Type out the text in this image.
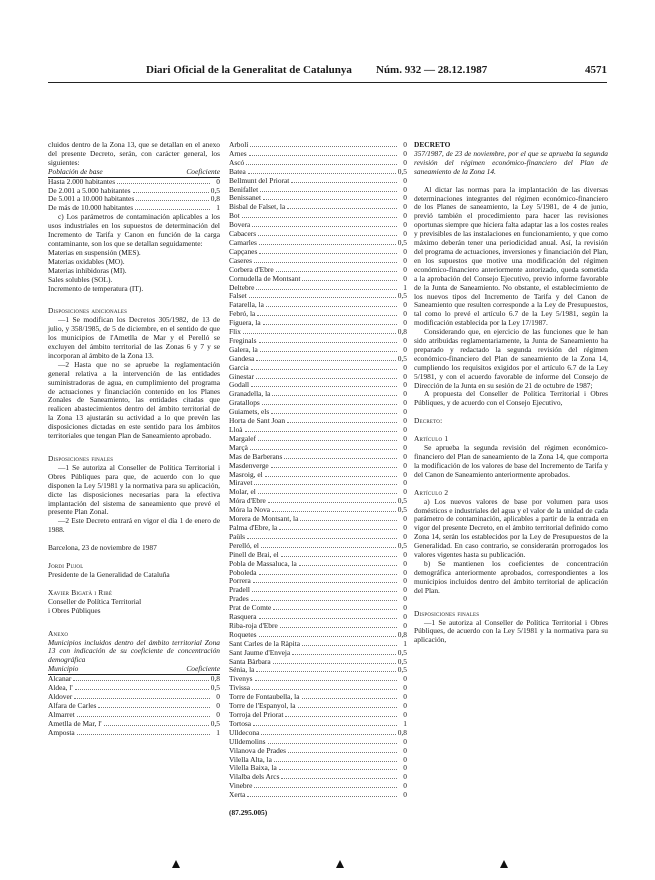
Diari Oficial de la Generalitat de Catalunya Núm. 932 — 28.12.1987	4571

cluidos dentro de la Zona 13, que se detallan en el anexo del presente Decreto, serán, con carácter general, los siguientes:

Población de base	Coeficiente
Hasta 2.000 habitantes	0
De 2.001 a 5.000 habitantes	0,5
De 5.001 a 10.000 habitantes	0,8
De más de 10.000 habitantes	1

c) Los parámetros de contaminación aplicables a los usos industriales en los supuestos de determinación del Incremento de Tarifa y Canon en función de la carga contaminante, son los que se detallan seguidamente:

Materias en suspensión (MES).
Materias oxidables (MO).
Materias inhibidoras (MI).
Sales solubles (SOL).
Incremento de temperatura (IT).
Disposiciones adicionales

—1 Se modifican los Decretos 305/1982, de 13 de julio, y 358/1985, de 5 de diciembre, en el sentido de que los municipios de l'Ametlla de Mar y el Perelló se excluyen del ámbito territorial de las Zonas 6 y 7 y se incorporan al ámbito de la Zona 13.

—2 Hasta que no se apruebe la reglamentación general relativa a la intervención de las entidades suministradoras de agua, en cumplimiento del programa de actuaciones y financiación contenido en los Planes Zonales de Saneamiento, las entidades citadas que realicen abastecimientos dentro del ámbito territorial de la Zona 13 ajustarán su actividad a lo que prevén las disposiciones dictadas en este sentido para los ámbitos territoriales que tengan Plan de Saneamiento aprobado.

Disposiciones finales

—1 Se autoriza al Conseller de Política Territorial i Obres Públiques para que, de acuerdo con lo que disponen la Ley 5/1981 y la normativa para su aplicación, dicte las disposiciones necesarias para la efectiva implantación del sistema de saneamiento que prevé el presente Plan Zonal.

—2 Este Decreto entrará en vigor el día 1 de enero de 1988.

Barcelona, 23 de noviembre de 1987

Jordi Pujol
Presidente de la Generalidad de Cataluña
Xavier Bigatà i Ribé
Conseller de Política Territorial
i Obres Públiques
Anexo

Municipios incluidos dentro del ámbito territorial Zona 13 con indicación de su coeficiente de concentración demográfica

Municipio	Coeficiente
Alcanar	0,8
Aldea, l'	0,5
Aldover	0
Alfara de Carles	0
Almarret	0
Ametlla de Mar, l'	0,5
Amposta	1
Arbolí	0
Arnes	0
Ascó	0
Batea	0,5
Bellmunt del Priorat	0
Benifallet	0
Benissanet	0
Bisbal de Falset, la	0
Bot	0
Bovera	0
Cabacers	0
Camarles	0,5
Capçanes	0
Caseres	0
Corbera d'Ebre	0
Cornudella de Montsant	0
Deltebre	1
Falset	0,5
Fatarella, la	0
Febró, la	0
Figuera, la	0
Flix	0,8
Freginals	0
Galera, la	0
Gandesa	0,5
Garcia	0
Ginestar	0
Godall	0
Granadella, la	0
Gratallops	0
Guiamets, els	0
Horta de Sant Joan	0
Lloà	0
Margalef	0
Marçà	0
Mas de Barberans	0
Masdenverge	0
Masroig, el	0
Miravet	0
Molar, el	0
Móra d'Ebre	0,5
Móra la Nova	0,5
Morera de Montsant, la	0
Palma d'Ebre, la	0
Paüls	0
Perelló, el	0,5
Pinell de Brai, el	0
Pobla de Massaluca, la	0
Poboleda	0
Porrera	0
Pradell	0
Prades	0
Prat de Comte	0
Rasquera	0
Riba-roja d'Ebre	0
Roquetes	0,8
Sant Carles de la Ràpita	1
Sant Jaume d'Enveja	0,5
Santa Bàrbara	0,5
Sénia, la	0,5
Tivenys	0
Tivissa	0
Torre de Fontaubella, la	0
Torre de l'Espanyol, la	0
Torroja del Priorat	0
Tortosa	1
Ulldecona	0,8
Ulldemolins	0
Vilanova de Prades	0
Vilella Alta, la	0
Vilella Baixa, la	0
Vilalba dels Arcs	0
Vinebre	0
Xerta	0
(87.295.005)
DECRETO

357/1987, de 23 de noviembre, por el que se aprueba la segunda revisión del régimen económico-financiero del Plan de saneamiento de la Zona 14.

Al dictar las normas para la implantación de las diversas determinaciones integrantes del régimen económico-financiero de los Planes de saneamiento, la Ley 5/1981, de 4 de junio, previó también el procedimiento para hacer las revisiones oportunas siempre que hiciera falta adaptar las a los costes reales y previsibles de las instalaciones en funcionamiento, y que como máximo deberán tener una periodicidad anual. Así, la revisión del programa de actuaciones, inversiones y financiación del Plan, en los supuestos que motive una modificación del régimen económico-financiero anteriormente autorizado, queda sometida a la aprobación del Consejo Ejecutivo, previo informe favorable de la Junta de Saneamiento. No obstante, el establecimiento de los nuevos tipos del Incremento de Tarifa y del Canon de Saneamiento que resulten corresponde a la Ley de Presupuestos, tal como lo prevé el artículo 6.7 de la Ley 5/1981, según la modificación establecida por la Ley 17/1987.

Considerando que, en ejercicio de las funciones que le han sido atribuidas reglamentariamente, la Junta de Saneamiento ha preparado y redactado la segunda revisión del régimen económico-financiero del Plan de saneamiento de la Zona 14, cumpliendo los requisitos exigidos por el artículo 6.7 de la Ley 5/1981, y con el acuerdo favorable de informe del Consejo de Dirección de la Junta en su sesión de 21 de octubre de 1987;

A propuesta del Conseller de Política Territorial i Obres Públiques, y de acuerdo con el Consejo Ejecutivo,

Decreto:
Artículo 1

Se aprueba la segunda revisión del régimen económico-financiero del Plan de saneamiento de la Zona 14, que comporta la modificación de los valores de base del Incremento de Tarifa y del Canon de Saneamiento anteriormente aprobados.

Artículo 2

a) Los nuevos valores de base por volumen para usos domésticos e industriales del agua y el valor de la unidad de cada parámetro de contaminación, aplicables a partir de la entrada en vigor del presente Decreto, en el ámbito territorial definido como Zona 14, serán los establecidos por la Ley de Presupuestos de la Generalidad. En caso contrario, se considerarán prorrogados los valores vigentes hasta su publicación.

b) Se mantienen los coeficientes de concentración demográfica anteriormente aprobados, correspondientes a los municipios incluidos dentro del ámbito territorial de aplicación del Plan.

Disposiciones finales

—1 Se autoriza al Conseller de Política Territorial i Obres Públiques, de acuerdo con la Ley 5/1981 y la normativa para su aplicación,
